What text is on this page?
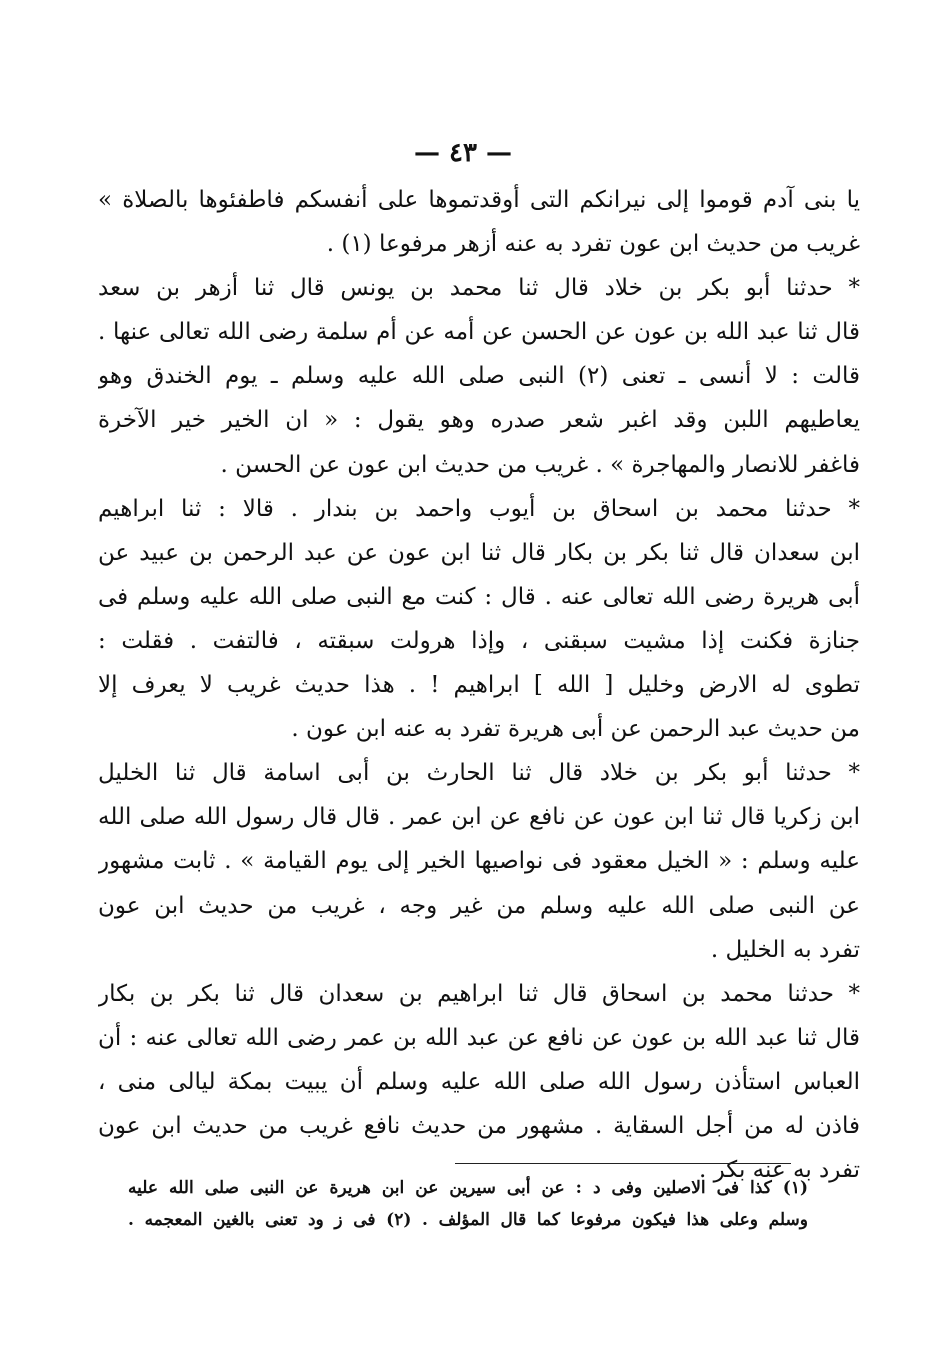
— ٤٣ —
يا بنى آدم قوموا إلى نيرانكم التى أوقدتموها على أنفسكم فاطفئوها بالصلاة »
غريب من حديث ابن عون تفرد به عنه أزهر مرفوعا (١) .
* حدثنا أبو بكر بن خلاد قال ثنا محمد بن يونس قال ثنا أزهر بن سعد
قال ثنا عبد الله بن عون عن الحسن عن أمه عن أم سلمة رضى الله تعالى عنها .
قالت : لا أنسى ـ تعنى (٢) النبى صلى الله عليه وسلم ـ يوم الخندق وهو
يعاطيهم اللبن وقد اغبر شعر صدره وهو يقول : « ان الخير خير الآخرة
فاغفر للانصار والمهاجرة » . غريب من حديث ابن عون عن الحسن .
* حدثنا محمد بن اسحاق بن أيوب واحمد بن بندار . قالا : ثنا ابراهيم
ابن سعدان قال ثنا بكر بن بكار قال ثنا ابن عون عن عبد الرحمن بن عبيد عن
أبى هريرة رضى الله تعالى عنه . قال : كنت مع النبى صلى الله عليه وسلم فى
جنازة فكنت إذا مشيت سبقنى ، وإذا هرولت سبقته ، فالتفت . فقلت :
تطوى له الارض وخليل [ الله ] ابراهيم ! . هذا حديث غريب لا يعرف إلا
من حديث عبد الرحمن عن أبى هريرة تفرد به عنه ابن عون .
* حدثنا أبو بكر بن خلاد قال ثنا الحارث بن أبى اسامة قال ثنا الخليل
ابن زكريا قال ثنا ابن عون عن نافع عن ابن عمر . قال قال رسول الله صلى الله
عليه وسلم : « الخيل معقود فى نواصيها الخير إلى يوم القيامة » . ثابت مشهور
عن النبى صلى الله عليه وسلم من غير وجه ، غريب من حديث ابن عون
تفرد به الخليل .
* حدثنا محمد بن اسحاق قال ثنا ابراهيم بن سعدان قال ثنا بكر بن بكار
قال ثنا عبد الله بن عون عن نافع عن عبد الله بن عمر رضى الله تعالى عنه : أن
العباس استأذن رسول الله صلى الله عليه وسلم أن يبيت بمكة ليالى منى ،
فاذن له من أجل السقاية . مشهور من حديث نافع غريب من حديث ابن عون
تفرد به عنه بكر .
(١) كذا فى الاصلين وفى د : عن أبى سيرين عن ابن هريرة عن النبى صلى الله عليه
وسلم وعلى هذا فيكون مرفوعا كما قال المؤلف . (٢) فى ز ود تعنى بالغين المعجمه .
